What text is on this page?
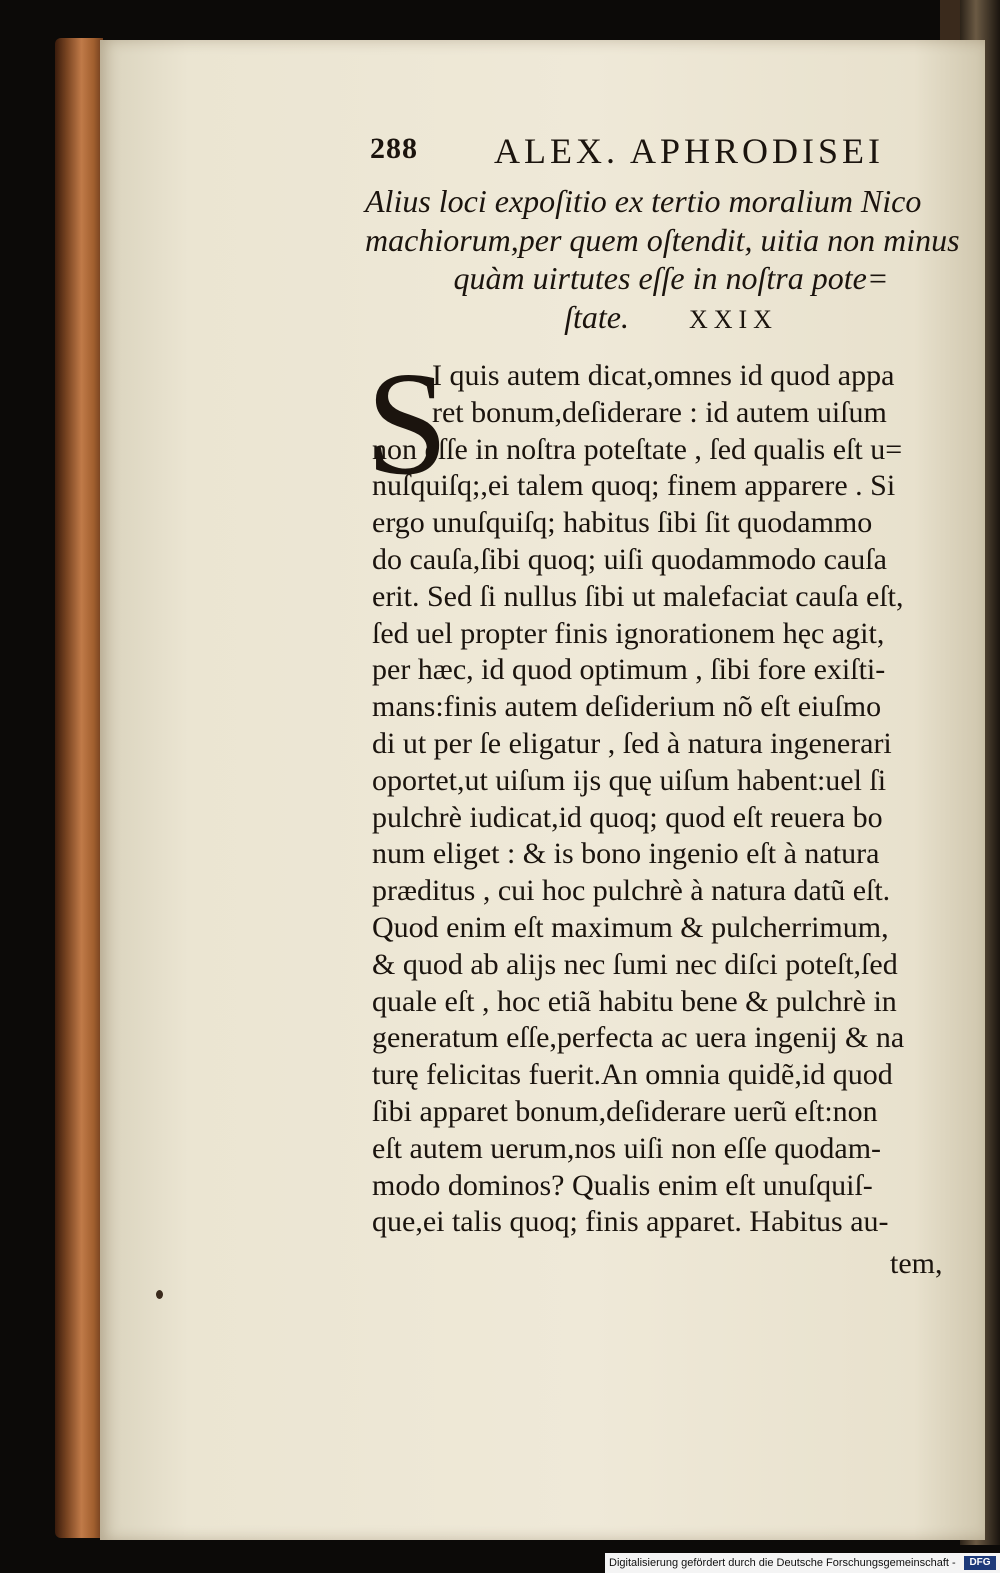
288 ALEX. APHRODISEI
Alius loci expoſitio ex tertio moralium Nico
machiorum,per quem oſtendit, uitia non minus
quàm uirtutes eſſe in noſtra pote=
ſtate. XXIX
S
I quis autem dicat,omnes id quod appa
ret bonum,deſiderare : id autem uiſum
non eſſe in noſtra poteſtate , ſed qualis eſt u=
nuſquiſq;,ei talem quoq; finem apparere . Si
ergo unuſquiſq; habitus ſibi ſit quodammo
do cauſa,ſibi quoq; uiſi quodammodo cauſa
erit. Sed ſi nullus ſibi ut malefaciat cauſa eſt,
ſed uel propter finis ignorationem hęc agit,
per hæc, id quod optimum , ſibi fore exiſti-
mans:finis autem deſiderium nõ eſt eiuſmo
di ut per ſe eligatur , ſed à natura ingenerari
oportet,ut uiſum ijs quę uiſum habent:uel ſi
pulchrè iudicat,id quoq; quod eſt reuera bo
num eliget : & is bono ingenio eſt à natura
præditus , cui hoc pulchrè à natura datũ eſt.
Quod enim eſt maximum & pulcherrimum,
& quod ab alijs nec ſumi nec diſci poteſt,ſed
quale eſt , hoc etiã habitu bene & pulchrè in
generatum eſſe,perfecta ac uera ingenij & na
turę felicitas fuerit.An omnia quidẽ,id quod
ſibi apparet bonum,deſiderare uerũ eſt:non
eſt autem uerum,nos uiſi non eſſe quodam-
modo dominos? Qualis enim eſt unuſquiſ-
que,ei talis quoq; finis apparet. Habitus au-
tem,
Digitalisierung gefördert durch die Deutsche Forschungsgemeinschaft -	DFG
